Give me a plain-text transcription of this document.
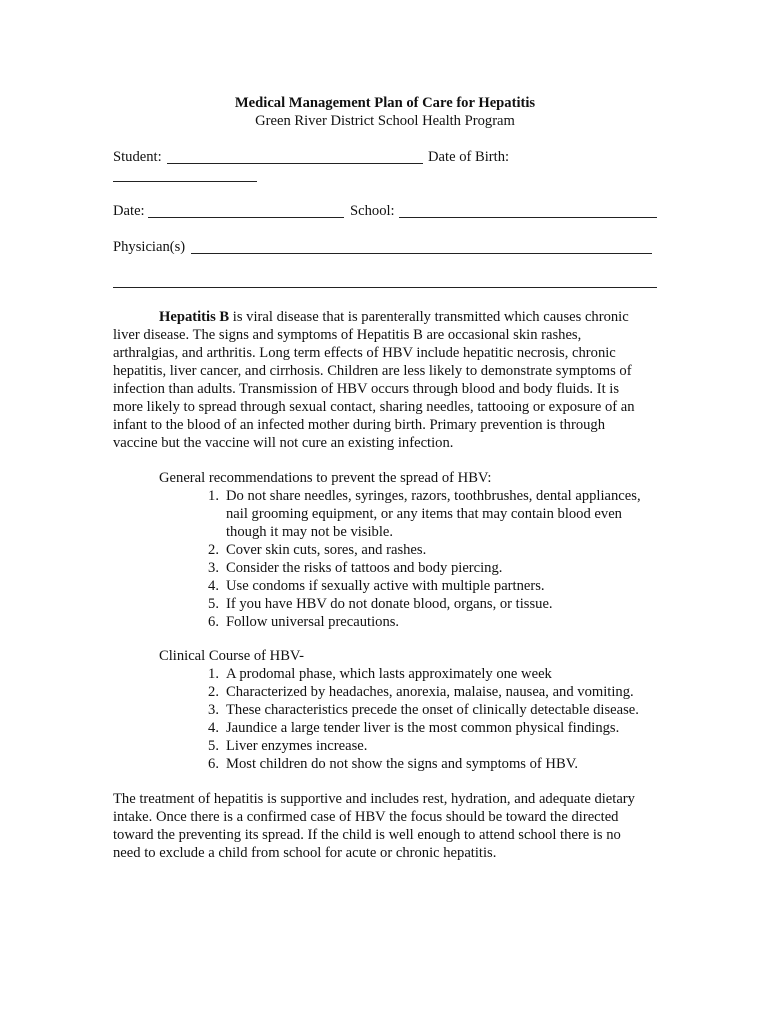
Medical Management Plan of Care for Hepatitis
Green River District School Health Program
Student:	Date of Birth:
Date:	School:
Physician(s)
Hepatitis B is viral disease that is parenterally transmitted which causes chronic
liver disease. The signs and symptoms of Hepatitis B are occasional skin rashes,
arthralgias, and arthritis. Long term effects of HBV include hepatitic necrosis, chronic
hepatitis, liver cancer, and cirrhosis. Children are less likely to demonstrate symptoms of
infection than adults. Transmission of HBV occurs through blood and body fluids. It is
more likely to spread through sexual contact, sharing needles, tattooing or exposure of an
infant to the blood of an infected mother during birth. Primary prevention is through
vaccine but the vaccine will not cure an existing infection.
General recommendations to prevent the spread of HBV:
1. Do not share needles, syringes, razors, toothbrushes, dental appliances,
nail grooming equipment, or any items that may contain blood even
though it may not be visible.
2. Cover skin cuts, sores, and rashes.
3. Consider the risks of tattoos and body piercing.
4. Use condoms if sexually active with multiple partners.
5. If you have HBV do not donate blood, organs, or tissue.
6. Follow universal precautions.
Clinical Course of HBV-
1. A prodomal phase, which lasts approximately one week
2. Characterized by headaches, anorexia, malaise, nausea, and vomiting.
3. These characteristics precede the onset of clinically detectable disease.
4. Jaundice a large tender liver is the most common physical findings.
5. Liver enzymes increase.
6. Most children do not show the signs and symptoms of HBV.
The treatment of hepatitis is supportive and includes rest, hydration, and adequate dietary
intake. Once there is a confirmed case of HBV the focus should be toward the directed
toward the preventing its spread. If the child is well enough to attend school there is no
need to exclude a child from school for acute or chronic hepatitis.
